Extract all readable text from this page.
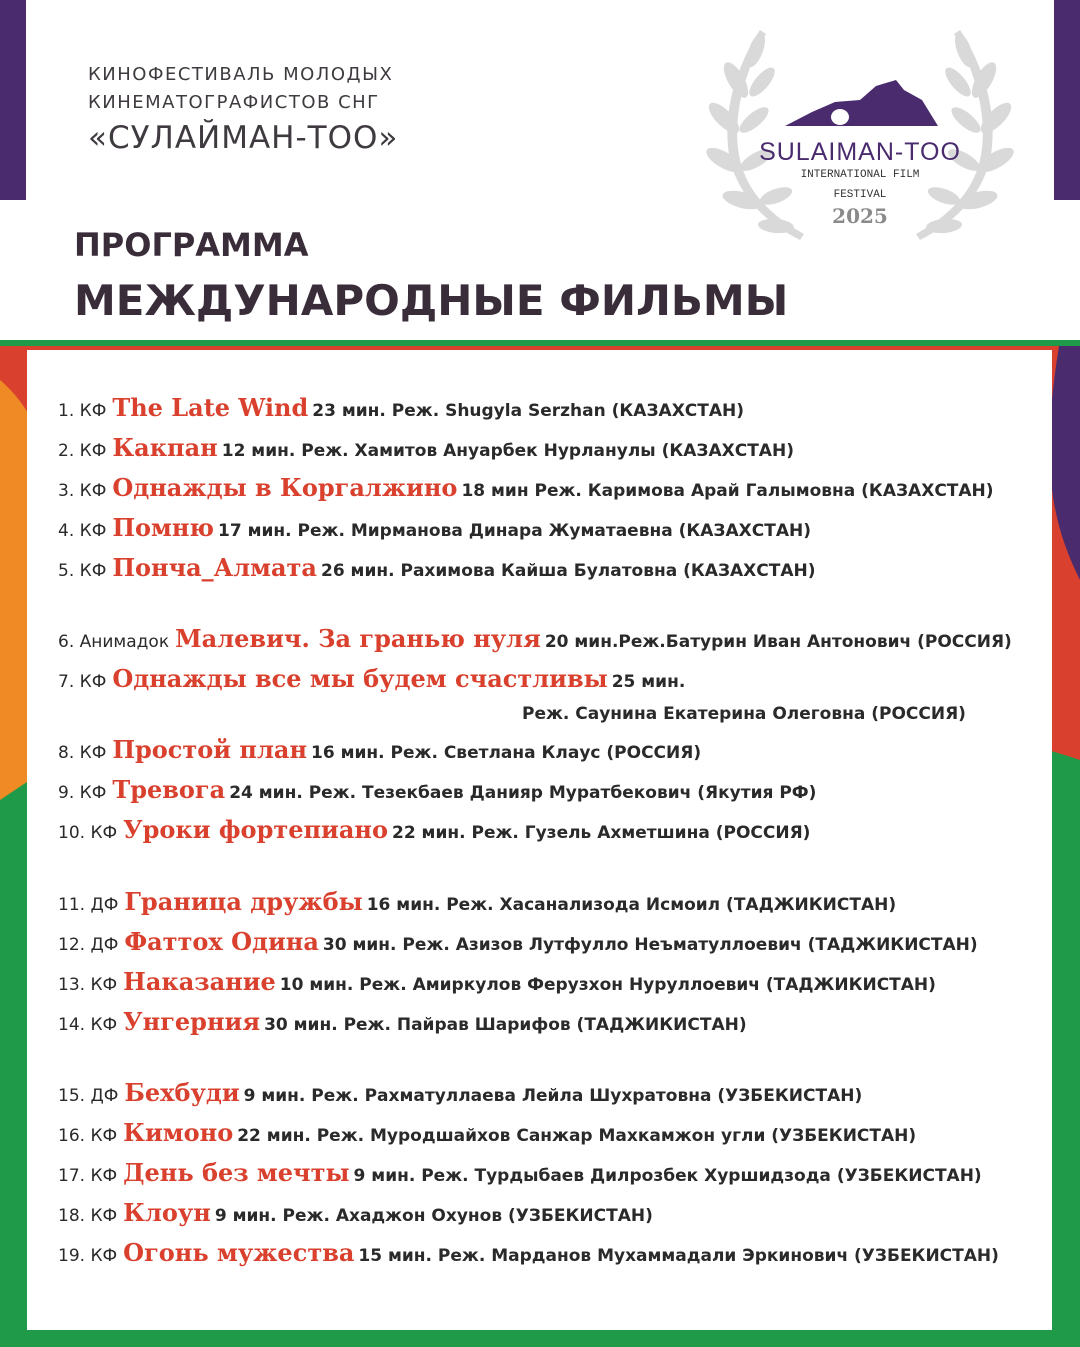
КИНОФЕСТИВАЛЬ МОЛОДЫХ
КИНЕМАТОГРАФИСТОВ СНГ
«СУЛАЙМАН-ТОО»
ПРОГРАММА
МЕЖДУНАРОДНЫЕ ФИЛЬМЫ
SULAIMAN-TOO
INTERNATIONAL FILM
FESTIVAL
2025
1. КФ The Late Wind 23 мин. Реж. Shugyla Serzhan (КАЗАХСТАН)
2. КФ Какпан 12 мин. Реж. Хамитов Ануарбек Нурланулы (КАЗАХСТАН)
3. КФ Однажды в Коргалжино 18 мин Реж. Каримова Арай Галымовна (КАЗАХСТАН)
4. КФ Помню 17 мин. Реж. Мирманова Динара Жуматаевна (КАЗАХСТАН)
5. КФ Понча_Алмата 26 мин. Рахимова Кайша Булатовна (КАЗАХСТАН)
6. Анимадок Малевич. За гранью нуля 20 мин.Реж.Батурин Иван Антонович (РОССИЯ)
7. КФ Однажды все мы будем счастливы 25 мин.
Реж. Саунина Екатерина Олеговна (РОССИЯ)
8. КФ Простой план 16 мин. Реж. Светлана Клаус (РОССИЯ)
9. КФ Тревога 24 мин. Реж. Тезекбаев Данияр Муратбекович (Якутия РФ)
10. КФ Уроки фортепиано 22 мин. Реж. Гузель Ахметшина (РОССИЯ)
11. ДФ Граница дружбы 16 мин. Реж. Хасанализода Исмоил (ТАДЖИКИСТАН)
12. ДФ Фаттох Одина 30 мин. Реж. Азизов Лутфулло Неъматуллоевич (ТАДЖИКИСТАН)
13. КФ Наказание 10 мин. Реж. Амиркулов Ферузхон Нуруллоевич (ТАДЖИКИСТАН)
14. КФ Унгерния 30 мин. Реж. Пайрав Шарифов (ТАДЖИКИСТАН)
15. ДФ Бехбуди 9 мин. Реж. Рахматуллаева Лейла Шухратовна (УЗБЕКИСТАН)
16. КФ Кимоно 22 мин. Реж. Муродшайхов Санжар Махкамжон угли (УЗБЕКИСТАН)
17. КФ День без мечты 9 мин. Реж. Турдыбаев Дилрозбек Хуршидзода (УЗБЕКИСТАН)
18. КФ Клоун 9 мин. Реж. Ахаджон Охунов (УЗБЕКИСТАН)
19. КФ Огонь мужества 15 мин. Реж. Марданов Мухаммадали Эркинович (УЗБЕКИСТАН)
